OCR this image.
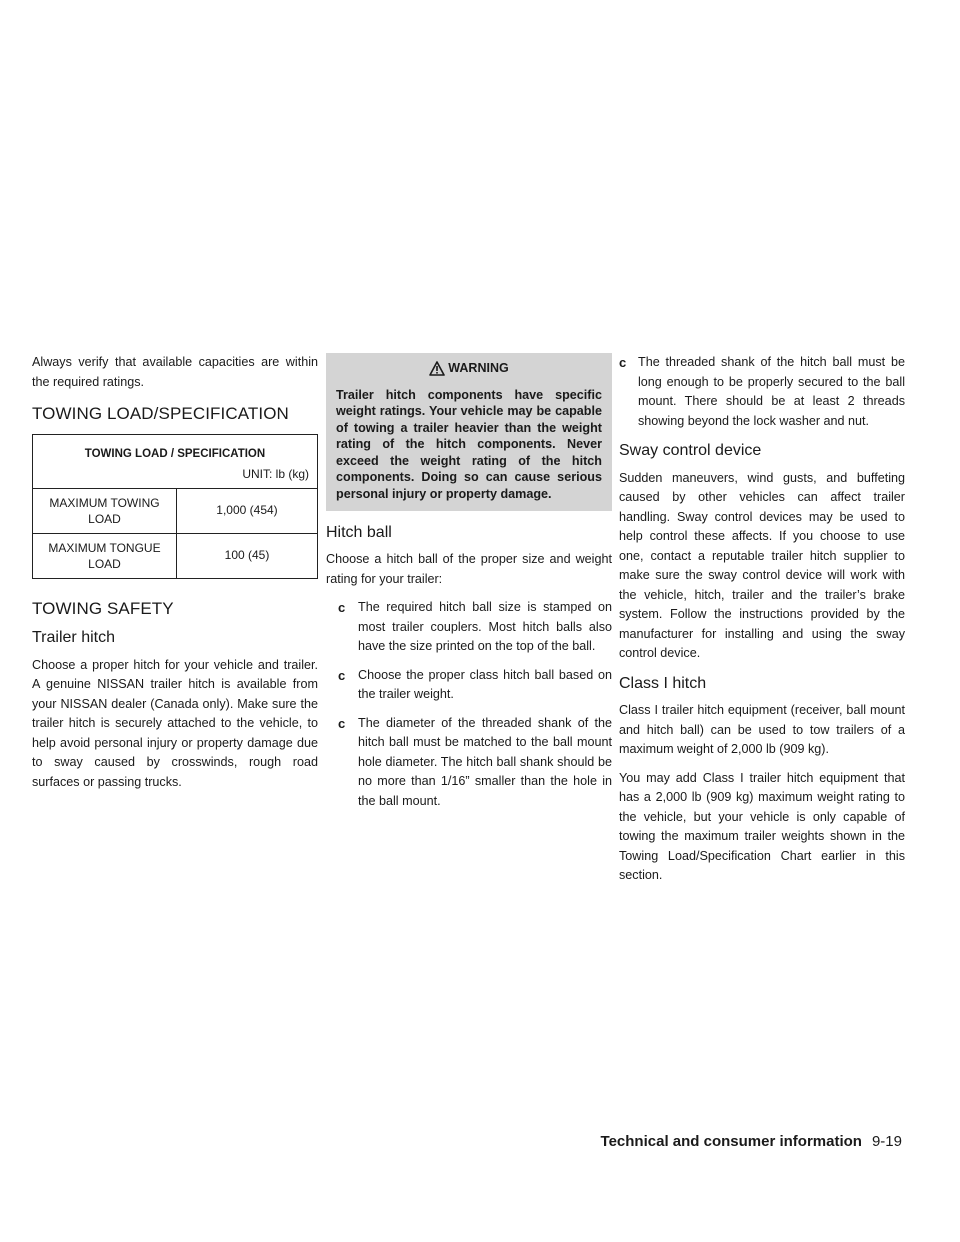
Always verify that available capacities are within the required ratings.

TOWING LOAD/SPECIFICATION
TOWING LOAD / SPECIFICATION
UNIT: lb (kg)	

MAXIMUM TOWING LOAD	1,000 (454)
MAXIMUM TONGUE LOAD	100 (45)
TOWING SAFETY
Trailer hitch

Choose a proper hitch for your vehicle and trailer. A genuine NISSAN trailer hitch is available from your NISSAN dealer (Canada only). Make sure the trailer hitch is securely attached to the vehicle, to help avoid personal injury or property damage due to sway caused by crosswinds, rough road surfaces or passing trucks.

WARNING

Trailer hitch components have specific weight ratings. Your vehicle may be capable of towing a trailer heavier than the weight rating of the hitch components. Never exceed the weight rating of the hitch components. Doing so can cause serious personal injury or property damage.

Hitch ball

Choose a hitch ball of the proper size and weight rating for your trailer:

c The required hitch ball size is stamped on most trailer couplers. Most hitch balls also have the size printed on the top of the ball.
c Choose the proper class hitch ball based on the trailer weight.
c The diameter of the threaded shank of the hitch ball must be matched to the ball mount hole diameter. The hitch ball shank should be no more than 1/16” smaller than the hole in the ball mount.
c The threaded shank of the hitch ball must be long enough to be properly secured to the ball mount. There should be at least 2 threads showing beyond the lock washer and nut.
Sway control device

Sudden maneuvers, wind gusts, and buffeting caused by other vehicles can affect trailer handling. Sway control devices may be used to help control these affects. If you choose to use one, contact a reputable trailer hitch supplier to make sure the sway control device will work with the vehicle, hitch, trailer and the trailer’s brake system. Follow the instructions provided by the manufacturer for installing and using the sway control device.

Class I hitch

Class I trailer hitch equipment (receiver, ball mount and hitch ball) can be used to tow trailers of a maximum weight of 2,000 lb (909 kg).

You may add Class I trailer hitch equipment that has a 2,000 lb (909 kg) maximum weight rating to the vehicle, but your vehicle is only capable of towing the maximum trailer weights shown in the Towing Load/Specification Chart earlier in this section.

Technical and consumer information 9-19
